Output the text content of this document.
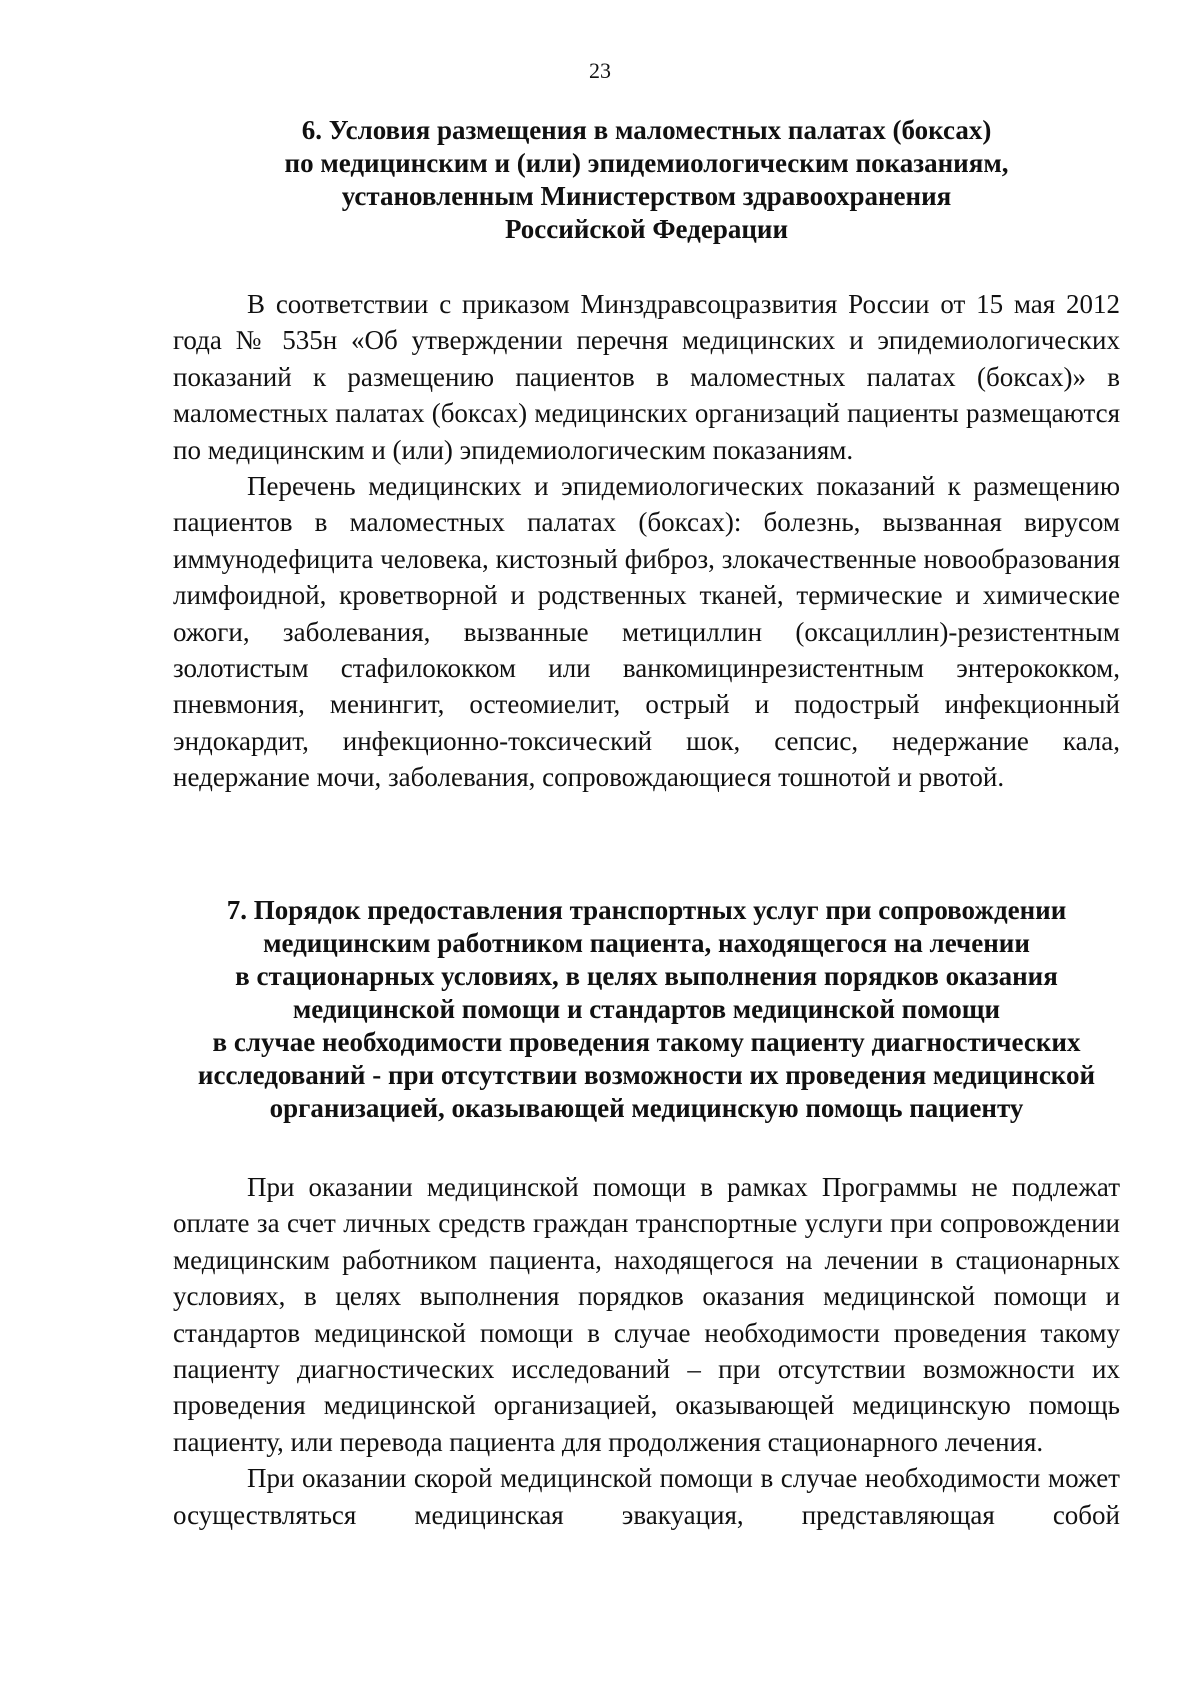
23
6. Условия размещения в маломестных палатах (боксах)
по медицинским и (или) эпидемиологическим показаниям,
установленным Министерством здравоохранения
Российской Федерации

В соответствии с приказом Минздравсоцразвития России от 15 мая 2012 года № 535н «Об утверждении перечня медицинских и эпидемиологических показаний к размещению пациентов в маломестных палатах (боксах)» в маломестных палатах (боксах) медицинских организаций пациенты размещаются по медицинским и (или) эпидемиологическим показаниям.

Перечень медицинских и эпидемиологических показаний к размещению пациентов в маломестных палатах (боксах): болезнь, вызванная вирусом иммунодефицита человека, кистозный фиброз, злокачественные новообразования лимфоидной, кроветворной и родственных тканей, термические и химические ожоги, заболевания, вызванные метициллин (оксациллин)-резистентным золотистым стафилококком или ванкомицинрезистентным энтерококком, пневмония, менингит, остеомиелит, острый и подострый инфекционный эндокардит, инфекционно-токсический шок, сепсис, недержание кала, недержание мочи, заболевания, сопровождающиеся тошнотой и рвотой.

7. Порядок предоставления транспортных услуг при сопровождении
медицинским работником пациента, находящегося на лечении
в стационарных условиях, в целях выполнения порядков оказания
медицинской помощи и стандартов медицинской помощи
в случае необходимости проведения такому пациенту диагностических
исследований - при отсутствии возможности их проведения медицинской
организацией, оказывающей медицинскую помощь пациенту

При оказании медицинской помощи в рамках Программы не подлежат оплате за счет личных средств граждан транспортные услуги при сопровождении медицинским работником пациента, находящегося на лечении в стационарных условиях, в целях выполнения порядков оказания медицинской помощи и стандартов медицинской помощи в случае необходимости проведения такому пациенту диагностических исследований – при отсутствии возможности их проведения медицинской организацией, оказывающей медицинскую помощь пациенту, или перевода пациента для продолжения стационарного лечения.

При оказании скорой медицинской помощи в случае необходимости может осуществляться медицинская эвакуация, представляющая собой
